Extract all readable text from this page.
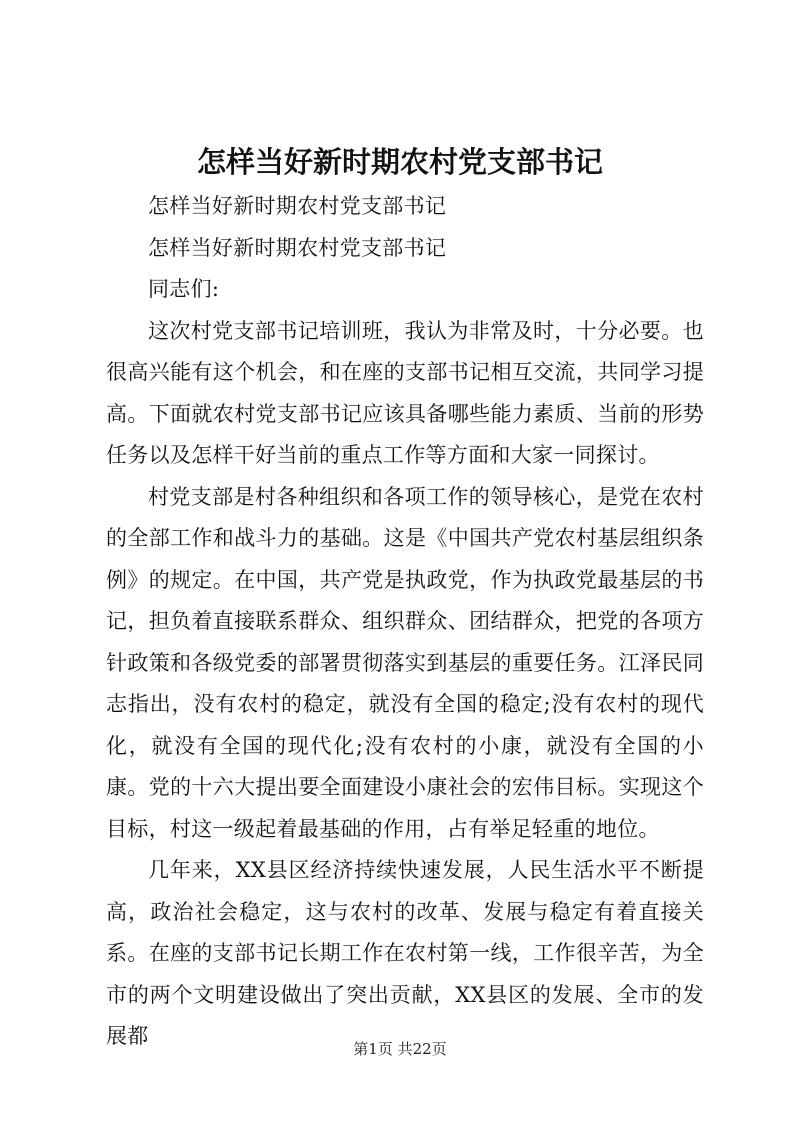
怎样当好新时期农村党支部书记

怎样当好新时期农村党支部书记

怎样当好新时期农村党支部书记

同志们:

这次村党支部书记培训班，我认为非常及时，十分必要。也很高兴能有这个机会，和在座的支部书记相互交流，共同学习提高。下面就农村党支部书记应该具备哪些能力素质、当前的形势任务以及怎样干好当前的重点工作等方面和大家一同探讨。

村党支部是村各种组织和各项工作的领导核心，是党在农村的全部工作和战斗力的基础。这是《中国共产党农村基层组织条例》的规定。在中国，共产党是执政党，作为执政党最基层的书记，担负着直接联系群众、组织群众、团结群众，把党的各项方针政策和各级党委的部署贯彻落实到基层的重要任务。江泽民同志指出，没有农村的稳定，就没有全国的稳定;没有农村的现代化，就没有全国的现代化;没有农村的小康，就没有全国的小康。党的十六大提出要全面建设小康社会的宏伟目标。实现这个目标，村这一级起着最基础的作用，占有举足轻重的地位。

几年来，XX县区经济持续快速发展，人民生活水平不断提高，政治社会稳定，这与农村的改革、发展与稳定有着直接关系。在座的支部书记长期工作在农村第一线，工作很辛苦，为全市的两个文明建设做出了突出贡献，XX县区的发展、全市的发展都

第1页 共22页
